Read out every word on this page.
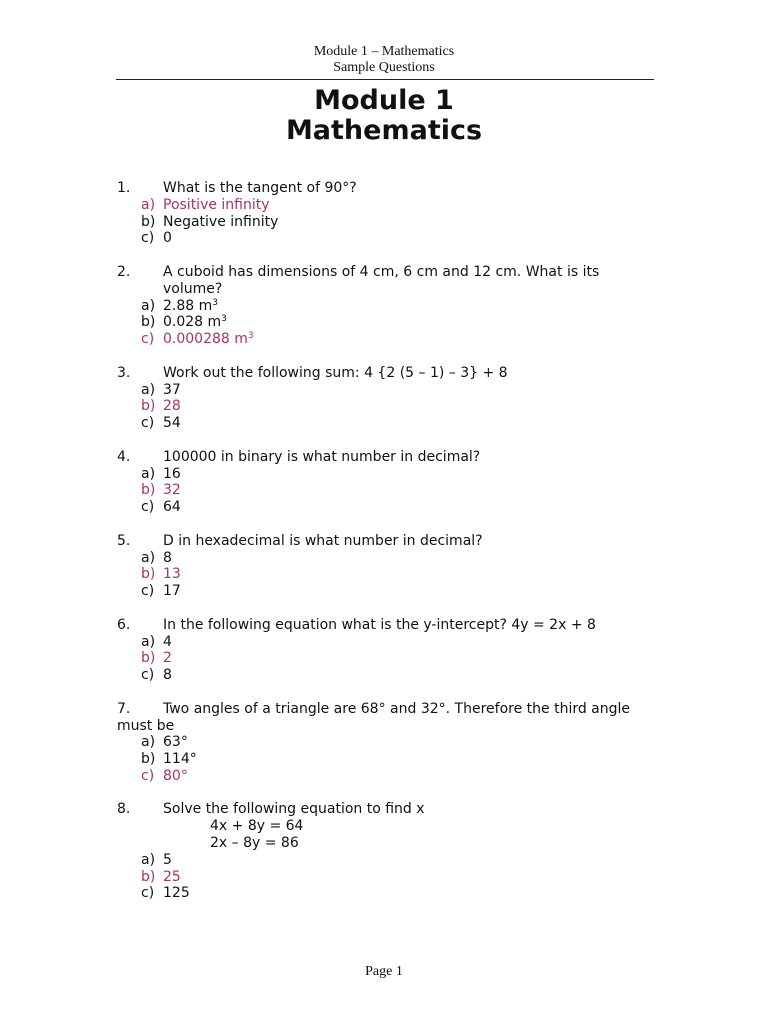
Module 1 – Mathematics
Sample Questions
Module 1
Mathematics
1. What is the tangent of 90°?
a) Positive infinity
b) Negative infinity
c) 0
2. A cuboid has dimensions of 4 cm, 6 cm and 12 cm. What is its volume?
a) 2.88 $m^3$
b) 0.028 $m^3$
c) 0.000288 $m^3$
3. Work out the following sum: 4 {2 (5 – 1) – 3} + 8
a) 37
b) 28
c) 54
4. 100000 in binary is what number in decimal?
a) 16
b) 32
c) 64
5. D in hexadecimal is what number in decimal?
a) 8
b) 13
c) 17
6. In the following equation what is the y-intercept? 4y = 2x + 8
a) 4
b) 2
c) 8
7. Two angles of a triangle are 68° and 32°. Therefore the third angle must be
a) 63°
b) 114°
c) 80°
8. Solve the following equation to find x
4x + 8y = 64
2x – 8y = 86
a) 5
b) 25
c) 125
Page 1
